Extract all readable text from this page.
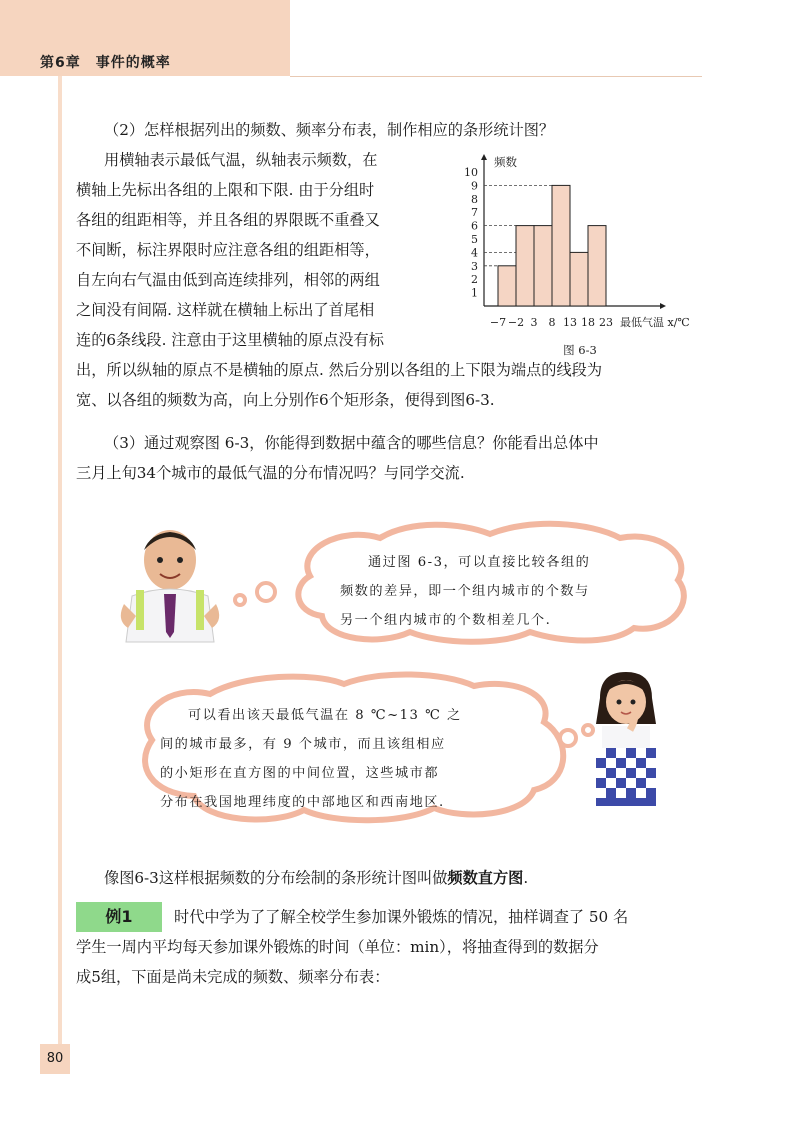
第6章　事件的概率

（2）怎样根据列出的频数、频率分布表，制作相应的条形统计图？

用横轴表示最低气温，纵轴表示频数，在

横轴上先标出各组的上限和下限. 由于分组时

各组的组距相等，并且各组的界限既不重叠又

不间断，标注界限时应注意各组的组距相等，

自左向右气温由低到高连续排列，相邻的两组

之间没有间隔. 这样就在横轴上标出了首尾相

连的6条线段. 注意由于这里横轴的原点没有标

出，所以纵轴的原点不是横轴的原点. 然后分别以各组的上下限为端点的线段为

宽、以各组的频数为高，向上分别作6个矩形条，便得到图6-3.

频数
1
2
3
4
5
6
7
8
9
10
−7 −2 3 8 13 18 23 最低气温 x/℃
图 6-3

（3）通过观察图 6-3，你能得到数据中蕴含的哪些信息？你能看出总体中

三月上旬34个城市的最低气温的分布情况吗？与同学交流.

通过图 6-3，可以直接比较各组的

频数的差异，即一个组内城市的个数与

另一个组内城市的个数相差几个.

可以看出该天最低气温在 8 ℃~13 ℃ 之

间的城市最多，有 9 个城市，而且该组相应

的小矩形在直方图的中间位置，这些城市都

分布在我国地理纬度的中部地区和西南地区.

像图6-3这样根据频数的分布绘制的条形统计图叫做频数直方图.

例1	时代中学为了了解全校学生参加课外锻炼的情况，抽样调查了 50 名

学生一周内平均每天参加课外锻炼的时间（单位：min），将抽查得到的数据分

成5组，下面是尚未完成的频数、频率分布表：

80
